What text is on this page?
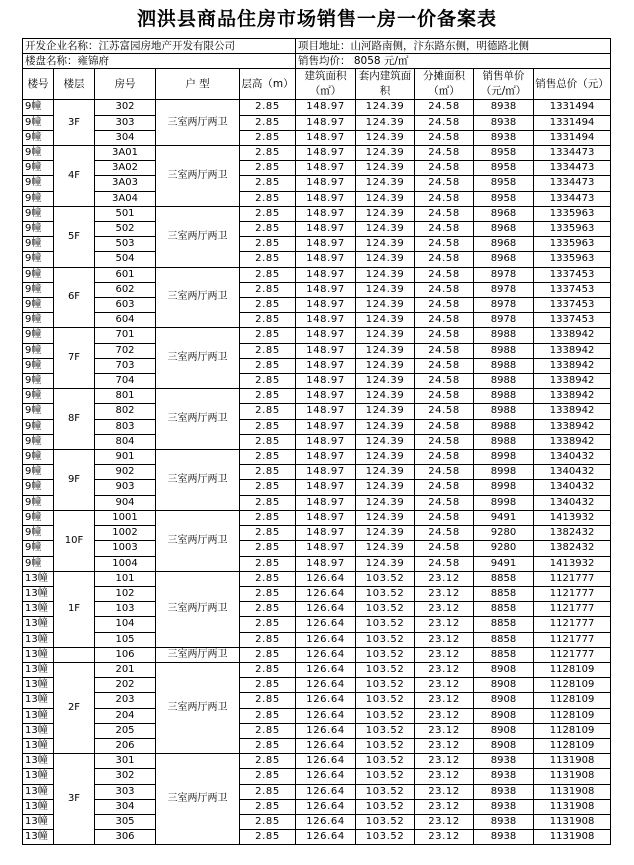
泗洪县商品住房市场销售一房一价备案表
开发企业名称：江苏富园房地产开发有限公司					项目地址：山河路南侧，汴东路东侧，明德路北侧				
楼盘名称：雍锦府					销售均价： 8058 元/㎡				
楼号	楼层	房号	户 型	层高（m）	建筑面积（㎡）	套内建筑面积	分摊面积（㎡）	销售单价（元/㎡）	销售总价（元）
9幢	3F	302	三室两厅两卫	2.85	148.97	124.39	24.58	8938	1331494
9幢		303		2.85	148.97	124.39	24.58	8938	1331494
9幢		304		2.85	148.97	124.39	24.58	8938	1331494
9幢	4F	3A01	三室两厅两卫	2.85	148.97	124.39	24.58	8958	1334473
9幢		3A02		2.85	148.97	124.39	24.58	8958	1334473
9幢		3A03		2.85	148.97	124.39	24.58	8958	1334473
9幢		3A04		2.85	148.97	124.39	24.58	8958	1334473
9幢	5F	501	三室两厅两卫	2.85	148.97	124.39	24.58	8968	1335963
9幢		502		2.85	148.97	124.39	24.58	8968	1335963
9幢		503		2.85	148.97	124.39	24.58	8968	1335963
9幢		504		2.85	148.97	124.39	24.58	8968	1335963
9幢	6F	601	三室两厅两卫	2.85	148.97	124.39	24.58	8978	1337453
9幢		602		2.85	148.97	124.39	24.58	8978	1337453
9幢		603		2.85	148.97	124.39	24.58	8978	1337453
9幢		604		2.85	148.97	124.39	24.58	8978	1337453
9幢	7F	701	三室两厅两卫	2.85	148.97	124.39	24.58	8988	1338942
9幢		702		2.85	148.97	124.39	24.58	8988	1338942
9幢		703		2.85	148.97	124.39	24.58	8988	1338942
9幢		704		2.85	148.97	124.39	24.58	8988	1338942
9幢	8F	801	三室两厅两卫	2.85	148.97	124.39	24.58	8988	1338942
9幢		802		2.85	148.97	124.39	24.58	8988	1338942
9幢		803		2.85	148.97	124.39	24.58	8988	1338942
9幢		804		2.85	148.97	124.39	24.58	8988	1338942
9幢	9F	901	三室两厅两卫	2.85	148.97	124.39	24.58	8998	1340432
9幢		902		2.85	148.97	124.39	24.58	8998	1340432
9幢		903		2.85	148.97	124.39	24.58	8998	1340432
9幢		904		2.85	148.97	124.39	24.58	8998	1340432
9幢	10F	1001	三室两厅两卫	2.85	148.97	124.39	24.58	9491	1413932
9幢		1002		2.85	148.97	124.39	24.58	9280	1382432
9幢		1003		2.85	148.97	124.39	24.58	9280	1382432
9幢		1004		2.85	148.97	124.39	24.58	9491	1413932
13幢	1F	101	三室两厅两卫	2.85	126.64	103.52	23.12	8858	1121777
13幢		102		2.85	126.64	103.52	23.12	8858	1121777
13幢		103		2.85	126.64	103.52	23.12	8858	1121777
13幢		104		2.85	126.64	103.52	23.12	8858	1121777
13幢		105		2.85	126.64	103.52	23.12	8858	1121777
13幢		106	三室两厅两卫	2.85	126.64	103.52	23.12	8858	1121777
13幢	2F	201	三室两厅两卫	2.85	126.64	103.52	23.12	8908	1128109
13幢		202		2.85	126.64	103.52	23.12	8908	1128109
13幢		203		2.85	126.64	103.52	23.12	8908	1128109
13幢		204		2.85	126.64	103.52	23.12	8908	1128109
13幢		205		2.85	126.64	103.52	23.12	8908	1128109
13幢		206		2.85	126.64	103.52	23.12	8908	1128109
13幢	3F	301	三室两厅两卫	2.85	126.64	103.52	23.12	8938	1131908
13幢		302		2.85	126.64	103.52	23.12	8938	1131908
13幢		303		2.85	126.64	103.52	23.12	8938	1131908
13幢		304		2.85	126.64	103.52	23.12	8938	1131908
13幢		305		2.85	126.64	103.52	23.12	8938	1131908
13幢		306		2.85	126.64	103.52	23.12	8938	1131908
